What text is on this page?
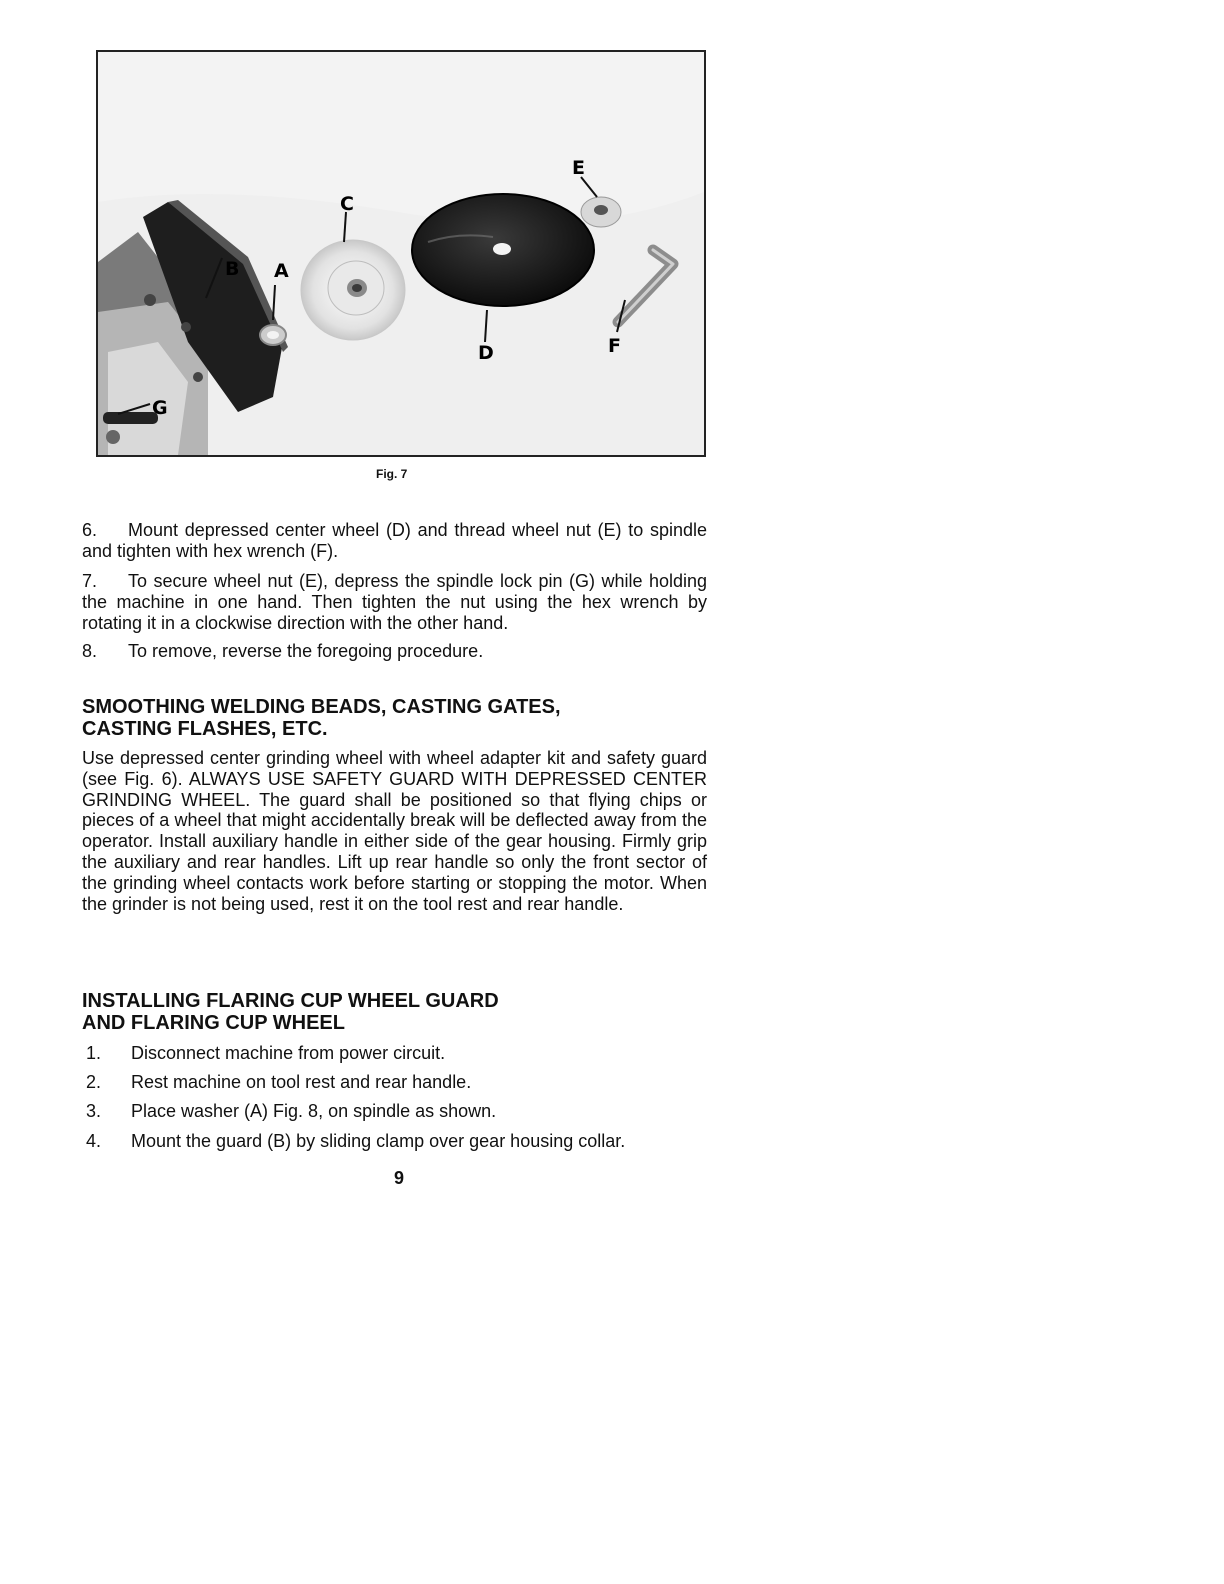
B A
C
D
E
F
G
Fig. 7
6. Mount depressed center wheel (D) and thread wheel nut (E) to spindle and tighten with hex wrench (F).
7. To secure wheel nut (E), depress the spindle lock pin (G) while holding the machine in one hand. Then tighten the nut using the hex wrench by rotating it in a clockwise direction with the other hand.
8. To remove, reverse the foregoing procedure.
SMOOTHING WELDING BEADS, CASTING GATES,
CASTING FLASHES, ETC.
Use depressed center grinding wheel with wheel adapter kit and safety guard (see Fig. 6). ALWAYS USE SAFETY GUARD WITH DEPRESSED CENTER GRINDING WHEEL. The guard shall be positioned so that flying chips or pieces of a wheel that might accidentally break will be deflected away from the operator. Install auxiliary handle in either side of the gear housing. Firmly grip the auxiliary and rear handles. Lift up rear handle so only the front sector of the grinding wheel contacts work before starting or stopping the motor. When the grinder is not being used, rest it on the tool rest and rear handle.
INSTALLING FLARING CUP WHEEL GUARD
AND FLARING CUP WHEEL
1. Disconnect machine from power circuit.
2. Rest machine on tool rest and rear handle.
3. Place washer (A) Fig. 8, on spindle as shown.
4. Mount the guard (B) by sliding clamp over gear housing collar.
9
